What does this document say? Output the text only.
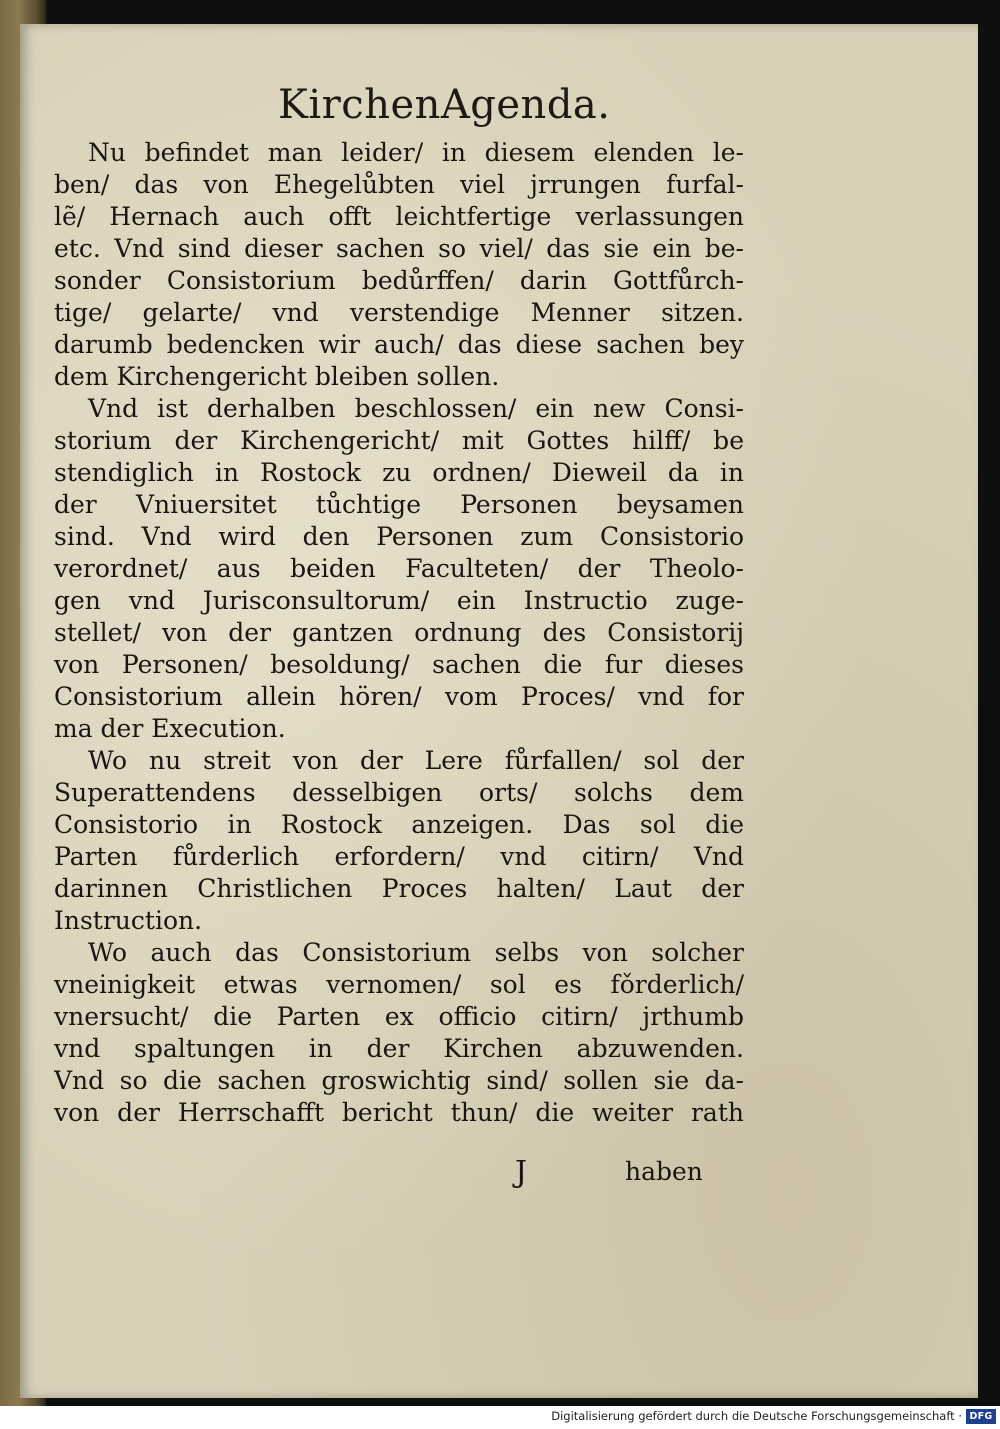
KirchenAgenda.
Nu befindet man leider/ in diesem elenden le-
ben/ das von Ehegelůbten viel jrrungen furfal-
lẽ/ Hernach auch offt leichtfertige verlassungen
etc. Vnd sind dieser sachen so viel/ das sie ein be-
sonder Consistorium bedůrffen/ darin Gottfůrch-
tige/ gelarte/ vnd verstendige Menner sitzen.
darumb bedencken wir auch/ das diese sachen bey
dem Kirchengericht bleiben sollen.
Vnd ist derhalben beschlossen/ ein new Consi-
storium der Kirchengericht/ mit Gottes hilff/ be
stendiglich in Rostock zu ordnen/ Dieweil da in
der Vniuersitet tůchtige Personen beysamen
sind. Vnd wird den Personen zum Consistorio
verordnet/ aus beiden Faculteten/ der Theolo-
gen vnd Jurisconsultorum/ ein Instructio zuge-
stellet/ von der gantzen ordnung des Consistorij
von Personen/ besoldung/ sachen die fur dieses
Consistorium allein hören/ vom Proces/ vnd for
ma der Execution.
Wo nu streit von der Lere fůrfallen/ sol der
Superattendens desselbigen orts/ solchs dem
Consistorio in Rostock anzeigen. Das sol die
Parten fůrderlich erfordern/ vnd citirn/ Vnd
darinnen Christlichen Proces halten/ Laut der
Instruction.
Wo auch das Consistorium selbs von solcher
vneinigkeit etwas vernomen/ sol es fǒrderlich/
vnersucht/ die Parten ex officio citirn/ jrthumb
vnd spaltungen in der Kirchen abzuwenden.
Vnd so die sachen groswichtig sind/ sollen sie da-
von der Herrschafft bericht thun/ die weiter rath
J	haben
Digitalisierung gefördert durch die Deutsche Forschungsgemeinschaft · DFG
